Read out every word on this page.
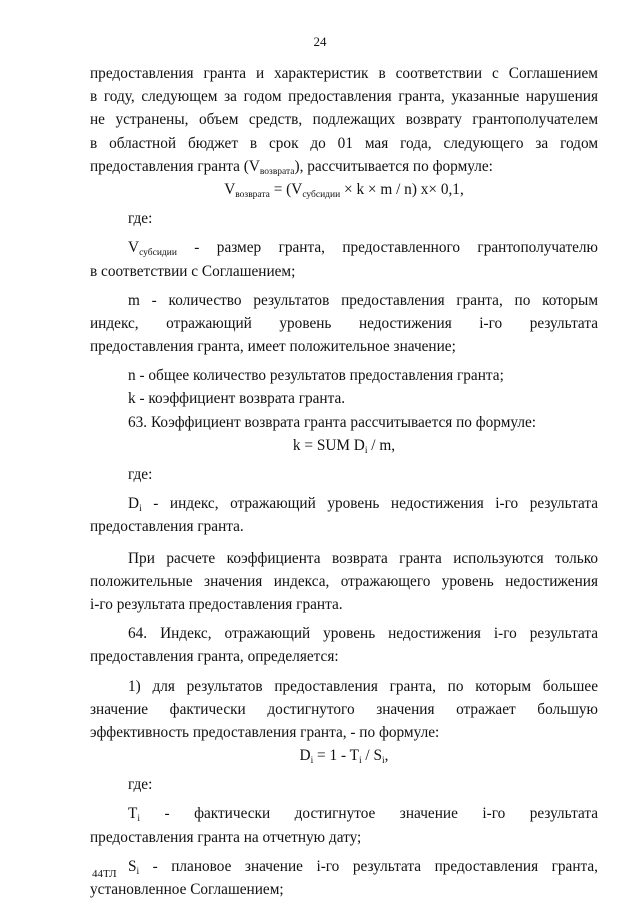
24
предоставления гранта и характеристик в соответствии с Соглашением
в году, следующем за годом предоставления гранта, указанные нарушения
не устранены, объем средств, подлежащих возврату грантополучателем
в областной бюджет в срок до 01 мая года, следующего за годом
предоставления гранта $(V_{возврата})$, рассчитывается по формуле:
$V_{возврата} = (V_{субсидии} \times k \times m / n)$ x× 0,1,
где:
$V_{субсидии}$ - размер гранта, предоставленного грантополучателю
в соответствии с Соглашением;
m - количество результатов предоставления гранта, по которым
индекс, отражающий уровень недостижения i-го результата
предоставления гранта, имеет положительное значение;
n - общее количество результатов предоставления гранта;
k - коэффициент возврата гранта.
63. Коэффициент возврата гранта рассчитывается по формуле:
k = SUM $D_i$ / m,
где:
$D_i$ - индекс, отражающий уровень недостижения i-го результата
предоставления гранта.
При расчете коэффициента возврата гранта используются только
положительные значения индекса, отражающего уровень недостижения
i-го результата предоставления гранта.
64. Индекс, отражающий уровень недостижения i-го результата
предоставления гранта, определяется:
1) для результатов предоставления гранта, по которым большее
значение фактически достигнутого значения отражает большую
эффективность предоставления гранта, - по формуле:
$D_i = 1 - T_i / S_i$,
где:
$T_i$ - фактически достигнутое значение i-го результата
предоставления гранта на отчетную дату;
$S_i$ - плановое значение i-го результата предоставления гранта,
установленное Соглашением;
44ТЛ
